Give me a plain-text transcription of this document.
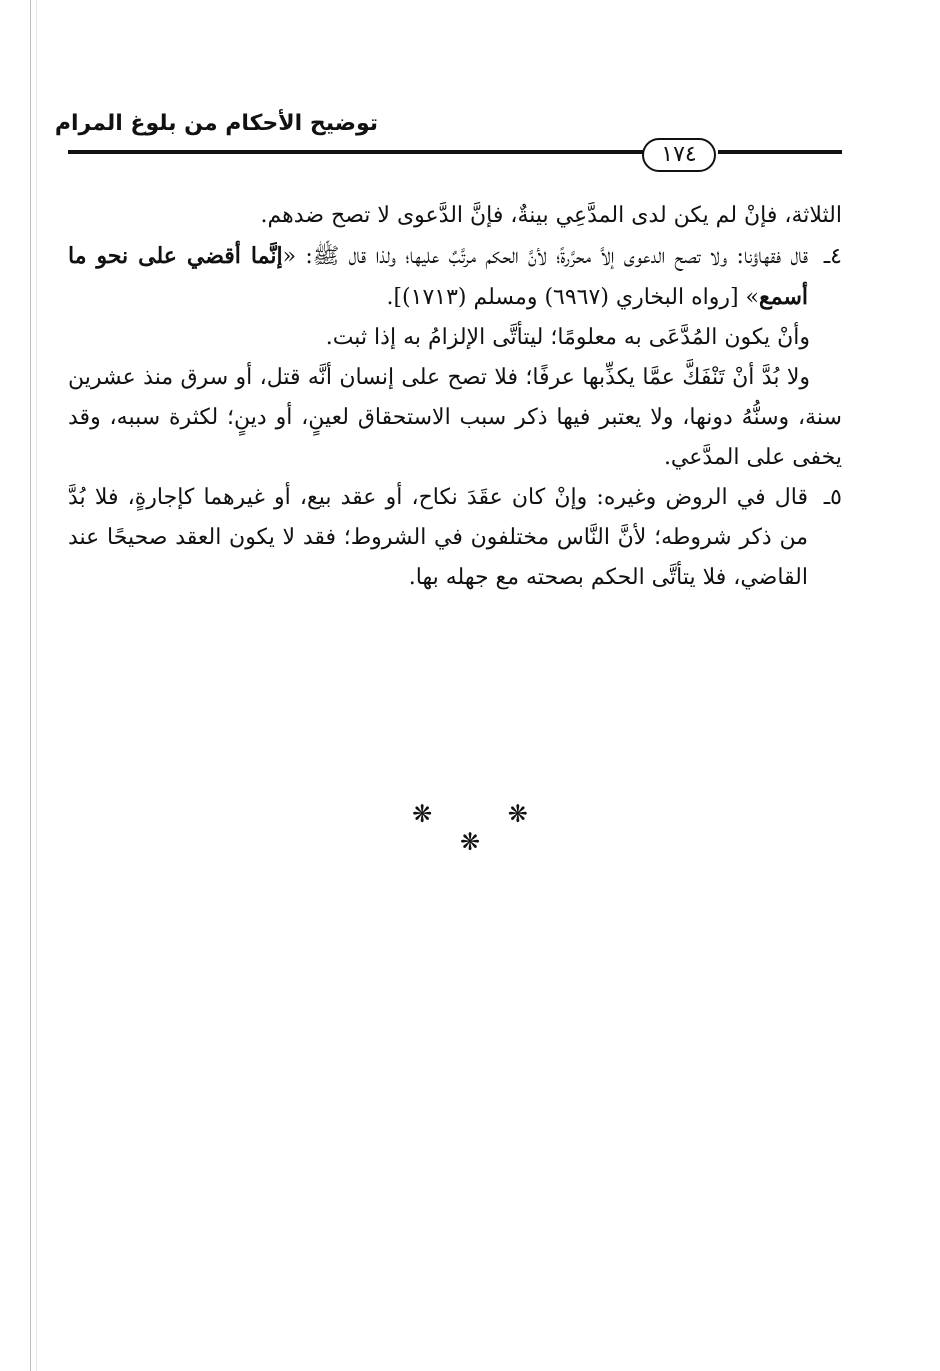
توضيح الأحكام من بلوغ المرام
١٧٤

الثلاثة، فإنْ لم يكن لدى المدَّعِي بينةٌ، فإنَّ الدَّعوى لا تصح ضدهم.

٤ـقال فقهاؤنا: ولا تصح الدعوى إلاَّ محرَّرةً؛ لأنَّ الحكم مرتَّبٌ عليها؛ ولذا قال ﷺ: «إنَّما أقضي على نحو ما أسمع» [رواه البخاري (٦٩٦٧) ومسلم (١٧١٣)].

وأنْ يكون المُدَّعَى به معلومًا؛ ليتأتَّى الإلزامُ به إذا ثبت.

ولا بُدَّ أنْ تَنْفَكَّ عمَّا يكذِّبها عرفًا؛ فلا تصح على إنسان أنَّه قتل، أو سرق منذ عشرين سنة، وسنُّهُ دونها، ولا يعتبر فيها ذكر سبب الاستحقاق لعينٍ، أو دينٍ؛ لكثرة سببه، وقد يخفى على المدَّعي.

٥ـقال في الروض وغيره: وإنْ كان عقَدَ نكاح، أو عقد بيع، أو غيرهما كإجارةٍ، فلا بُدَّ من ذكر شروطه؛ لأنَّ النَّاس مختلفون في الشروط؛ فقد لا يكون العقد صحيحًا عند القاضي، فلا يتأتَّى الحكم بصحته مع جهله بها.

❋ ❋ ❋
